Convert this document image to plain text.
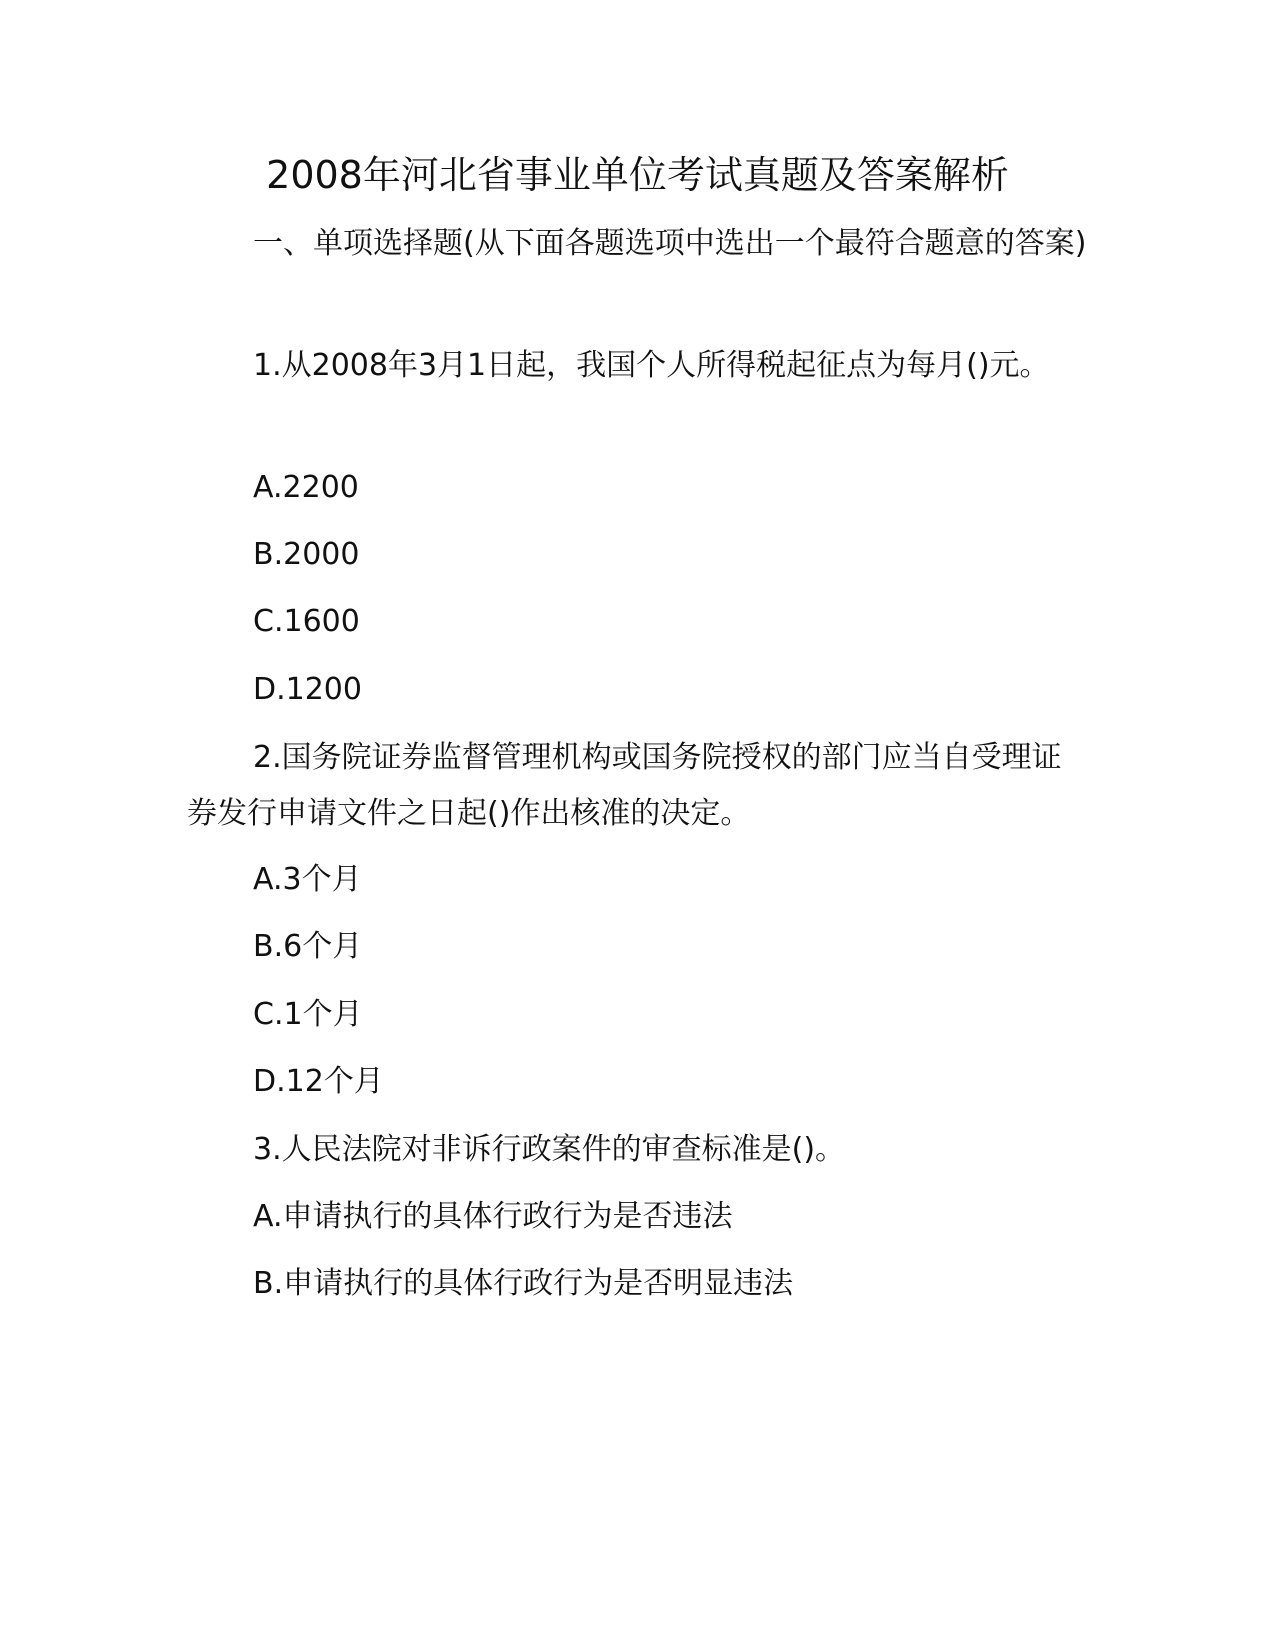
2008年河北省事业单位考试真题及答案解析
一、单项选择题(从下面各题选项中选出一个最符合题意的答案)
1.从2008年3月1日起，我国个人所得税起征点为每月()元。
A.2200
B.2000
C.1600
D.1200
2.国务院证券监督管理机构或国务院授权的部门应当自受理证券发行申请文件之日起()作出核准的决定。
A.3个月
B.6个月
C.1个月
D.12个月
3.人民法院对非诉行政案件的审查标准是()。
A.申请执行的具体行政行为是否违法
B.申请执行的具体行政行为是否明显违法
